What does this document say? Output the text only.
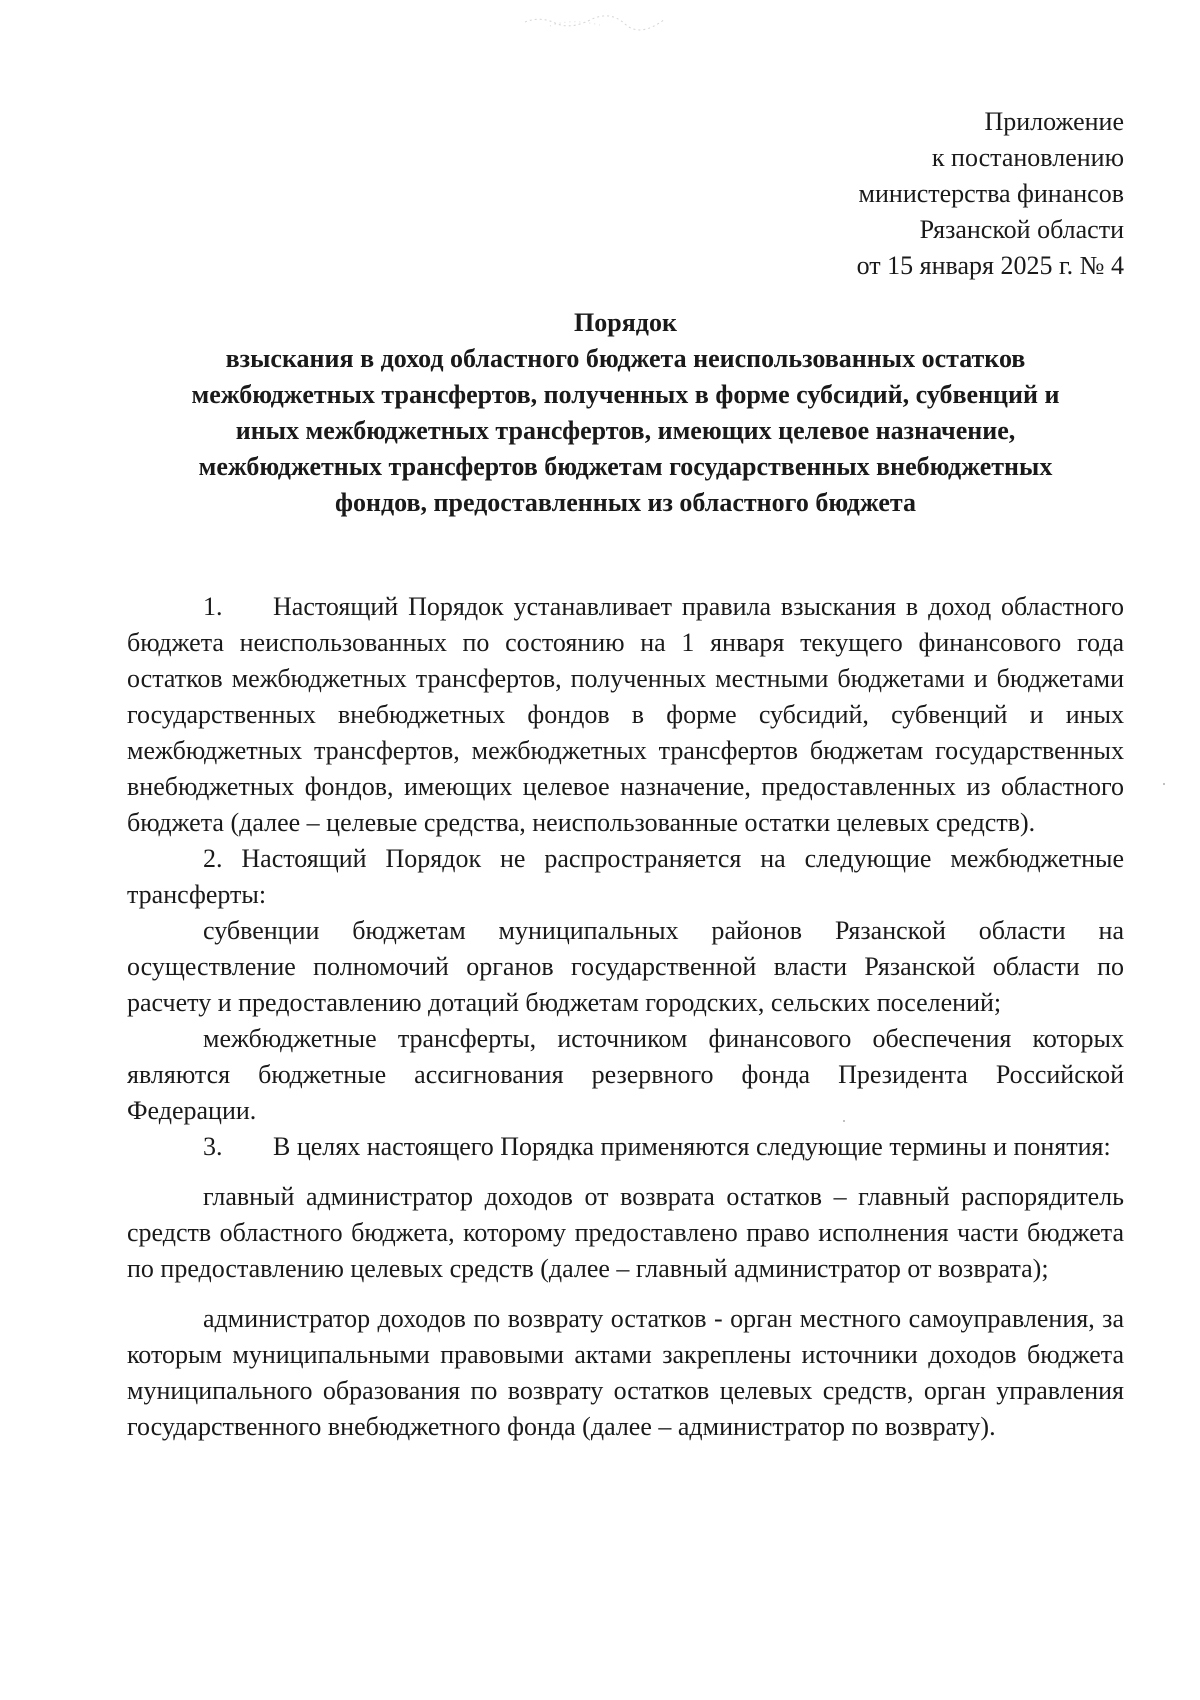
Приложение
к постановлению
министерства финансов
Рязанской области
от 15 января 2025 г. № 4
Порядок
взыскания в доход областного бюджета неиспользованных остатков
межбюджетных трансфертов, полученных в форме субсидий, субвенций и
иных межбюджетных трансфертов, имеющих целевое назначение,
межбюджетных трансфертов бюджетам государственных внебюджетных
фондов, предоставленных из областного бюджета

1. Настоящий Порядок устанавливает правила взыскания в доход областного бюджета неиспользованных по состоянию на 1 января текущего финансового года остатков межбюджетных трансфертов, полученных местными бюджетами и бюджетами государственных внебюджетных фондов в форме субсидий, субвенций и иных межбюджетных трансфертов, межбюджетных трансфертов бюджетам государственных внебюджетных фондов, имеющих целевое назначение, предоставленных из областного бюджета (далее – целевые средства, неиспользованные остатки целевых средств).

2. Настоящий Порядок не распространяется на следующие межбюджетные трансферты:

субвенции бюджетам муниципальных районов Рязанской области на осуществление полномочий органов государственной власти Рязанской области по расчету и предоставлению дотаций бюджетам городских, сельских поселений;

межбюджетные трансферты, источником финансового обеспечения которых являются бюджетные ассигнования резервного фонда Президента Российской Федерации.

3. В целях настоящего Порядка применяются следующие термины и понятия:

главный администратор доходов от возврата остатков – главный распорядитель средств областного бюджета, которому предоставлено право исполнения части бюджета по предоставлению целевых средств (далее – главный администратор от возврата);

администратор доходов по возврату остатков - орган местного самоуправления, за которым муниципальными правовыми актами закреплены источники доходов бюджета муниципального образования по возврату остатков целевых средств, орган управления государственного внебюджетного фонда (далее – администратор по возврату).
